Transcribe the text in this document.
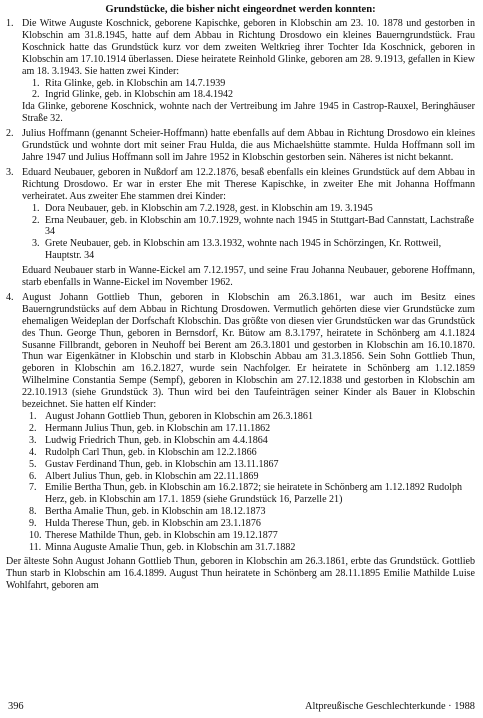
Grundstücke, die bisher nicht eingeordnet werden konnten:
1. Die Witwe Auguste Koschnick, geborene Kapischke, geboren in Klobschin am 23. 10. 1878 und gestorben in Klobschin am 31.8.1945, hatte auf dem Abbau in Richtung Drosdowo ein kleines Bauerngrundstück. Frau Koschnick hatte das Grundstück kurz vor dem zweiten Weltkrieg ihrer Tochter Ida Koschnick, geboren in Klobschin am 17.10.1914 überlassen. Diese heiratete Reinhold Glinke, geboren am 28. 9.1913, gefallen in Kiew am 18. 3.1943. Sie hatten zwei Kinder:
1. Rita Glinke, geb. in Klobschin am 14.7.1939
2. Ingrid Glinke, geb. in Klobschin am 18.4.1942
Ida Glinke, geborene Koschnick, wohnte nach der Vertreibung im Jahre 1945 in Castrop-Rauxel, Beringhäuser Straße 32.
2. Julius Hoffmann (genannt Scheier-Hoffmann) hatte ebenfalls auf dem Abbau in Richtung Drosdowo ein kleines Grundstück und wohnte dort mit seiner Frau Hulda, die aus Michaelshütte stammte. Hulda Hoffmann soll im Jahre 1947 und Julius Hoffmann soll im Jahre 1952 in Klobschin gestorben sein. Näheres ist nicht bekannt.
3. Eduard Neubauer, geboren in Nußdorf am 12.2.1876, besaß ebenfalls ein kleines Grundstück auf dem Abbau in Richtung Drosdowo. Er war in erster Ehe mit Therese Kapischke, in zweiter Ehe mit Johanna Hoffmann verheiratet. Aus zweiter Ehe stammen drei Kinder:
1. Dora Neubauer, geb. in Klobschin am 7.2.1928, gest. in Klobschin am 19. 3.1945
2. Erna Neubauer, geb. in Klobschin am 10.7.1929, wohnte nach 1945 in Stuttgart-Bad Cannstatt, Lachstraße 34
3. Grete Neubauer, geb. in Klobschin am 13.3.1932, wohnte nach 1945 in Schörzingen, Kr. Rottweil, Hauptstr. 34
Eduard Neubauer starb in Wanne-Eickel am 7.12.1957, und seine Frau Johanna Neubauer, geborene Hoffmann, starb ebenfalls in Wanne-Eickel im November 1962.
4. August Johann Gottlieb Thun, geboren in Klobschin am 26.3.1861, war auch im Besitz eines Bauerngrundstücks auf dem Abbau in Richtung Drosdowen. Vermutlich gehörten diese vier Grundstücke zum ehemaligen Weideplan der Dorfschaft Klobschin. Das größte von diesen vier Grundstücken war das Grundstück des Thun. George Thun, geboren in Bernsdorf, Kr. Bütow am 8.3.1797, heiratete in Schönberg am 4.1.1824 Susanne Fillbrandt, geboren in Neuhoff bei Berent am 26.3.1801 und gestorben in Klobschin am 16.10.1870. Thun war Eigenkätner in Klobschin und starb in Klobschin Abbau am 31.3.1856. Sein Sohn Gottlieb Thun, geboren in Klobschin am 16.2.1827, wurde sein Nachfolger. Er heiratete in Schönberg am 1.12.1859 Wilhelmine Constantia Sempe (Sempf), geboren in Klobschin am 27.12.1838 und gestorben in Klobschin am 22.10.1913 (siehe Grundstück 3). Thun wird bei den Taufeinträgen seiner Kinder als Bauer in Klobschin bezeichnet. Sie hatten elf Kinder:
1. August Johann Gottlieb Thun, geboren in Klobschin am 26.3.1861
2. Hermann Julius Thun, geb. in Klobschin am 17.11.1862
3. Ludwig Friedrich Thun, geb. in Klobschin am 4.4.1864
4. Rudolph Carl Thun, geb. in Klobschin am 12.2.1866
5. Gustav Ferdinand Thun, geb. in Klobschin am 13.11.1867
6. Albert Julius Thun, geb. in Klobschin am 22.11.1869
7. Emilie Bertha Thun, geb. in Klobschin am 16.2.1872; sie heiratete in Schönberg am 1.12.1892 Rudolph Herz, geb. in Klobschin am 17.1. 1859 (siehe Grundstück 16, Parzelle 21)
8. Bertha Amalie Thun, geb. in Klobschin am 18.12.1873
9. Hulda Therese Thun, geb. in Klobschin am 23.1.1876
10. Therese Mathilde Thun, geb. in Klobschin am 19.12.1877
11. Minna Auguste Amalie Thun, geb. in Klobschin am 31.7.1882
Der älteste Sohn August Johann Gottlieb Thun, geboren in Klobschin am 26.3.1861, erbte das Grundstück. Gottlieb Thun starb in Klobschin am 16.4.1899. August Thun heiratete in Schönberg am 28.11.1895 Emilie Mathilde Luise Wohlfahrt, geboren am
396	Altpreußische Geschlechterkunde · 1988
